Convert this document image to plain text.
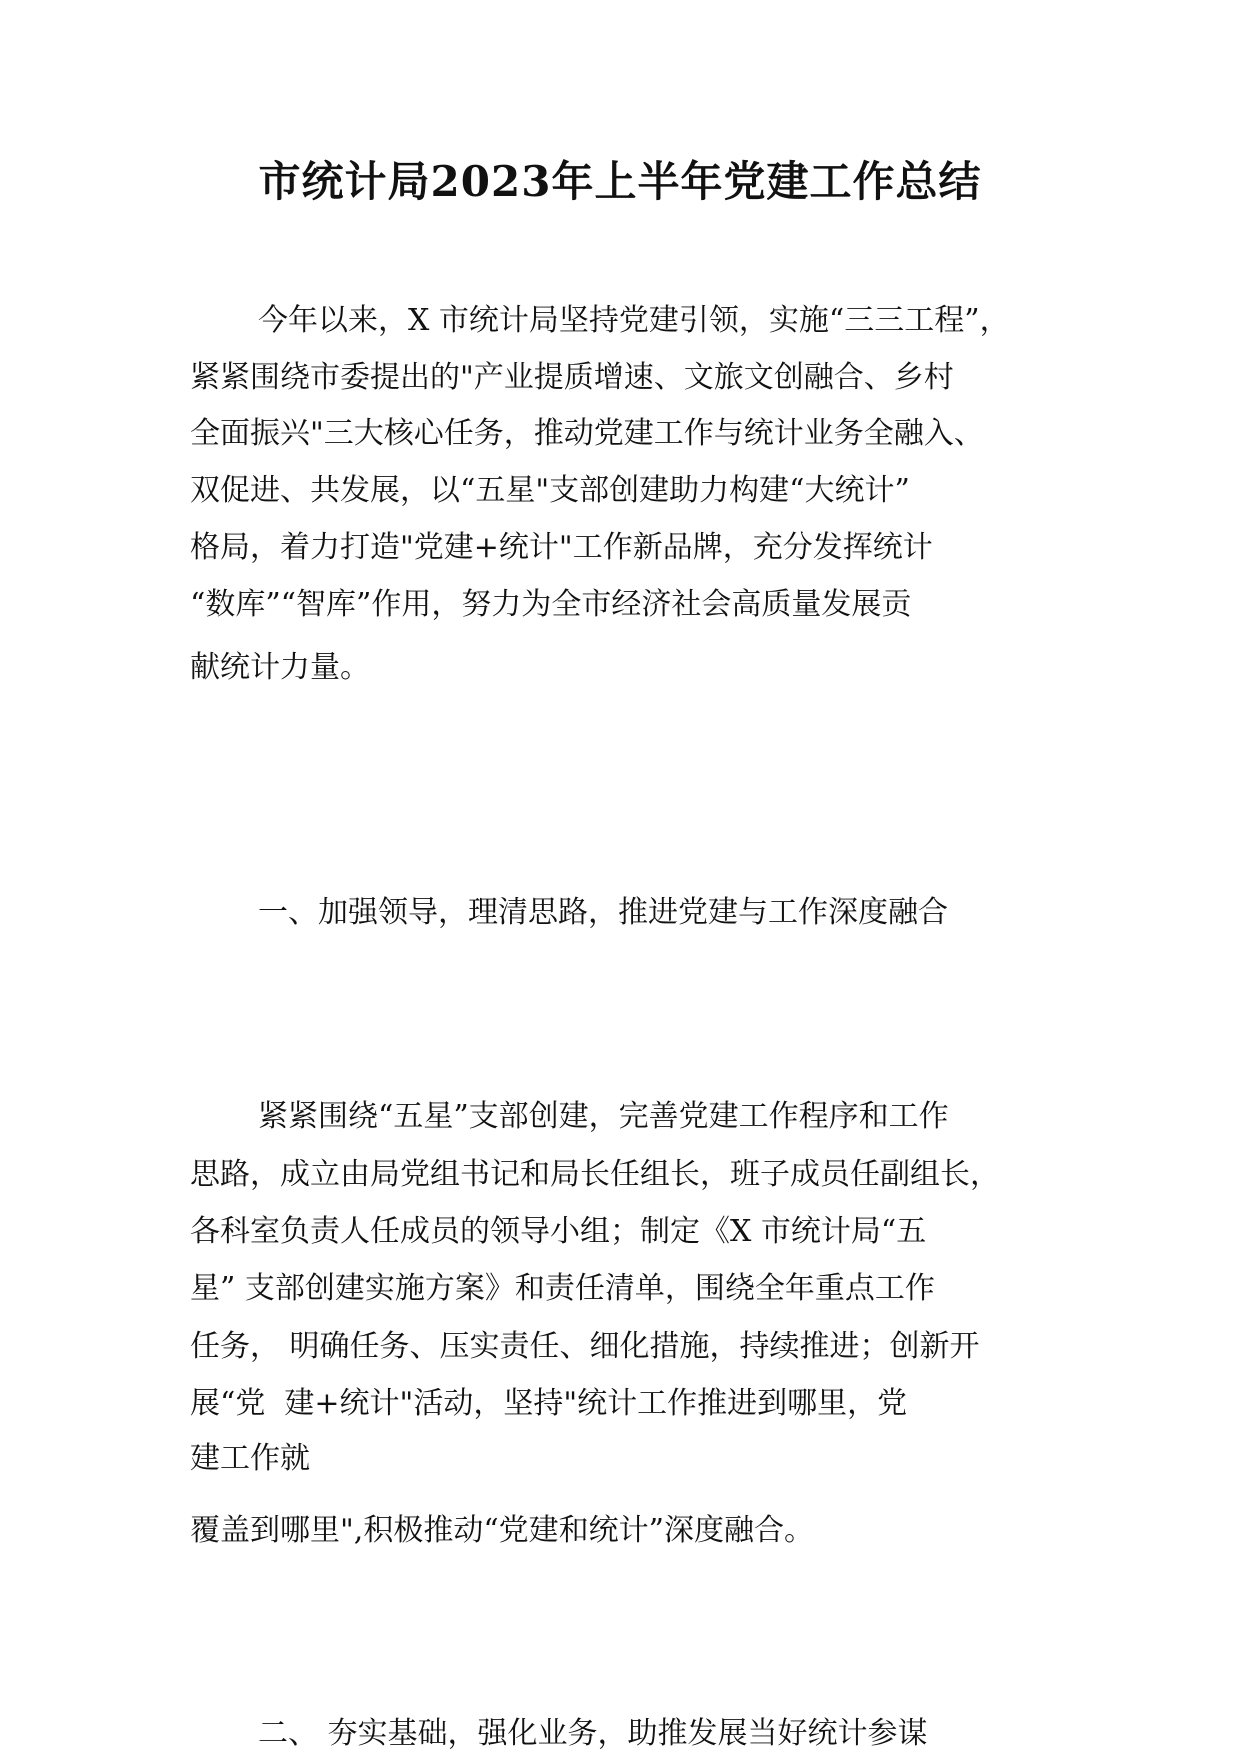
市统计局2023年上半年党建工作总结

今年以来，X 市统计局坚持党建引领，实施“三三工程”，

紧紧围绕市委提出的"产业提质增速、文旅文创融合、乡村

全面振兴"三大核心任务，推动党建工作与统计业务全融入、

双促进、共发展，以“五星"支部创建助力构建“大统计”

格局，着力打造"党建+统计"工作新品牌，充分发挥统计

“数库”“智库”作用，努力为全市经济社会高质量发展贡

献统计力量。

一、加强领导，理清思路，推进党建与工作深度融合

紧紧围绕“五星”支部创建，完善党建工作程序和工作

思路，成立由局党组书记和局长任组长，班子成员任副组长，

各科室负责人任成员的领导小组；制定《X 市统计局“五

星” 支部创建实施方案》和责任清单，围绕全年重点工作

任务， 明确任务、压实责任、细化措施，持续推进；创新开

展“党  建+统计"活动，坚持"统计工作推进到哪里，党

建工作就

覆盖到哪里",积极推动“党建和统计”深度融合。

二、 夯实基础，强化业务，助推发展当好统计参谋
